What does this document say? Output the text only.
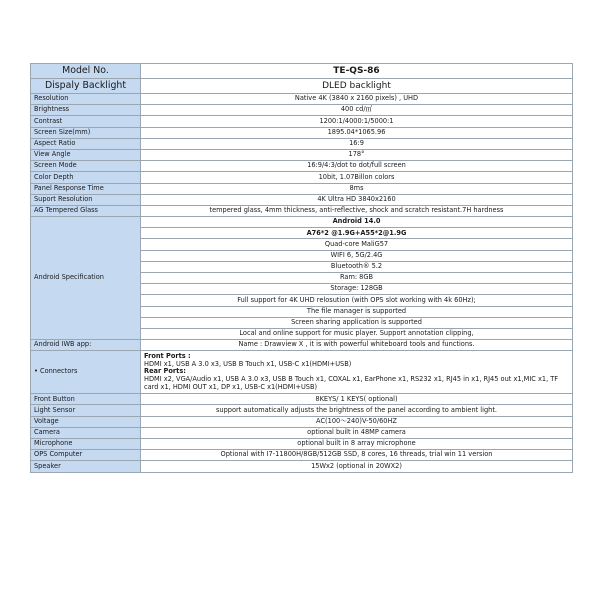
Model No.	TE-QS-86
Dispaly Backlight	DLED backlight
Resolution	Native 4K (3840 x 2160 pixels) , UHD
Brightness	400 cd/㎡
Contrast	1200:1/4000:1/5000:1
Screen Size(mm)	1895.04*1065.96
Aspect Ratio	16:9
View Angle	178°
Screen Mode	16:9/4:3/dot to dot/full screen
Color Depth	10bit, 1.07Billon colors
Panel Response Time	8ms
Suport Resolution	4K Ultra HD 3840x2160
AG Tempered Glass	tempered glass, 4mm thickness, anti-reflective, shock and scratch resistant.7H hardness
Android Specification	Android 14.0
	A76*2 @1.9G+A55*2@1.9G
	Quad-core MaliG57
	WIFI 6, 5G/2.4G
	Bluetooth® 5.2
	Ram: 8GB
	Storage: 128GB
	Full support for 4K UHD relosution (with OPS slot working with 4k 60Hz);
	The file manager is supported
	Screen sharing application is supported
	Local and online support for music player. Support annotation clipping,
Android IWB app:	Name : Drawview X , it is with powerful whiteboard tools and functions.
• Connectors	Front Ports :
HDMI x1, USB A 3.0 x3, USB B Touch x1, USB-C x1(HDMI+USB)
Rear Ports:
HDMI x2, VGA/Audio x1, USB A 3.0 x3, USB B Touch x1, COXAL x1, EarPhone x1, RS232 x1, RJ45 in x1, RJ45 out x1,MIC x1, TF card x1, HDMI OUT x1, DP x1, USB-C x1(HDMI+USB)

Front Button	8KEYS/ 1 KEYS( optional)
Light Sensor	support automatically adjusts the brightness of the panel according to ambient light.
Voltage	AC(100～240)V-50/60HZ
Camera	optional built in 48MP camera
Microphone	optional built in 8 array microphone
OPS Computer	Optional with I7-11800H/8GB/512GB SSD, 8 cores, 16 threads, trial win 11 version
Speaker	15Wx2 (optional in 20WX2)
